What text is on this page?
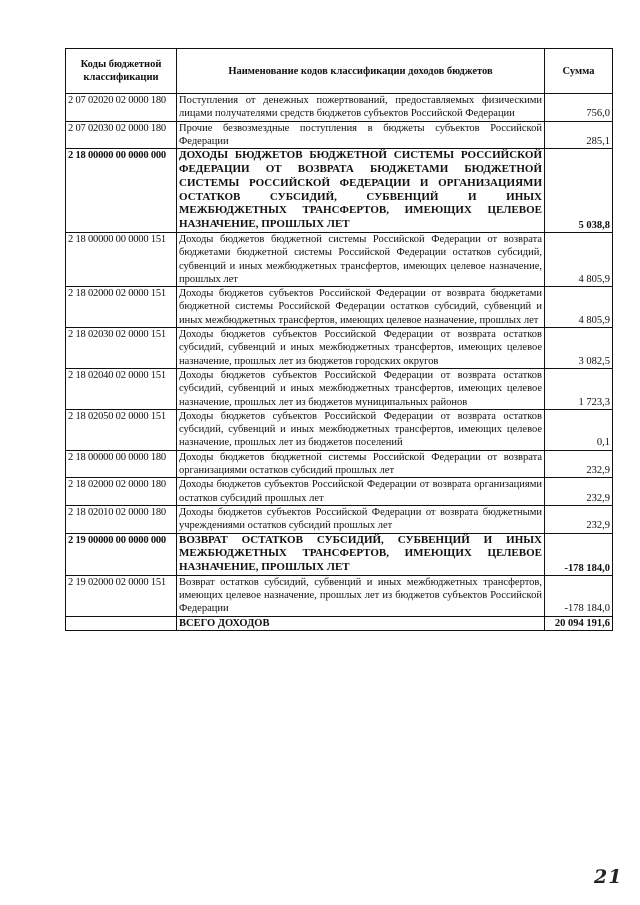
Коды бюджетной классификации	Наименование кодов классификации доходов бюджетов	Сумма
2 07 02020 02 0000 180	Поступления от денежных пожертвований, предоставляемых физическими лицами получателями средств бюджетов субъектов Российской Федерации	756,0
2 07 02030 02 0000 180	Прочие безвозмездные поступления в бюджеты субъектов Российской Федерации	285,1
2 18 00000 00 0000 000	ДОХОДЫ БЮДЖЕТОВ БЮДЖЕТНОЙ СИСТЕМЫ РОССИЙСКОЙ ФЕДЕРАЦИИ ОТ ВОЗВРАТА БЮДЖЕТАМИ БЮДЖЕТНОЙ СИСТЕМЫ РОССИЙСКОЙ ФЕДЕРАЦИИ И ОРГАНИЗАЦИЯМИ ОСТАТКОВ СУБСИДИЙ, СУБВЕНЦИЙ И ИНЫХ МЕЖБЮДЖЕТНЫХ ТРАНСФЕРТОВ, ИМЕЮЩИХ ЦЕЛЕВОЕ НАЗНАЧЕНИЕ, ПРОШЛЫХ ЛЕТ	5 038,8
2 18 00000 00 0000 151	Доходы бюджетов бюджетной системы Российской Федерации от возврата бюджетами бюджетной системы Российской Федерации остатков субсидий, субвенций и иных межбюджетных трансфертов, имеющих целевое назначение, прошлых лет	4 805,9
2 18 02000 02 0000 151	Доходы бюджетов субъектов Российской Федерации от возврата бюджетами бюджетной системы Российской Федерации остатков субсидий, субвенций и иных межбюджетных трансфертов, имеющих целевое назначение, прошлых лет	4 805,9
2 18 02030 02 0000 151	Доходы бюджетов субъектов Российской Федерации от возврата остатков субсидий, субвенций и иных межбюджетных трансфертов, имеющих целевое назначение, прошлых лет из бюджетов городских округов	3 082,5
2 18 02040 02 0000 151	Доходы бюджетов субъектов Российской Федерации от возврата остатков субсидий, субвенций и иных межбюджетных трансфертов, имеющих целевое назначение, прошлых лет из бюджетов муниципальных районов	1 723,3
2 18 02050 02 0000 151	Доходы бюджетов субъектов Российской Федерации от возврата остатков субсидий, субвенций и иных межбюджетных трансфертов, имеющих целевое назначение, прошлых лет из бюджетов поселений	0,1
2 18 00000 00 0000 180	Доходы бюджетов бюджетной системы Российской Федерации от возврата организациями остатков субсидий прошлых лет	232,9
2 18 02000 02 0000 180	Доходы бюджетов субъектов Российской Федерации от возврата организациями остатков субсидий прошлых лет	232,9
2 18 02010 02 0000 180	Доходы бюджетов субъектов Российской Федерации от возврата бюджетными учреждениями остатков субсидий прошлых лет	232,9
2 19 00000 00 0000 000	ВОЗВРАТ ОСТАТКОВ СУБСИДИЙ, СУБВЕНЦИЙ И ИНЫХ МЕЖБЮДЖЕТНЫХ ТРАНСФЕРТОВ, ИМЕЮЩИХ ЦЕЛЕВОЕ НАЗНАЧЕНИЕ, ПРОШЛЫХ ЛЕТ	-178 184,0
2 19 02000 02 0000 151	Возврат остатков субсидий, субвенций и иных межбюджетных трансфертов, имеющих целевое назначение, прошлых лет из бюджетов субъектов Российской Федерации	-178 184,0
	ВСЕГО ДОХОДОВ	20 094 191,6
21
